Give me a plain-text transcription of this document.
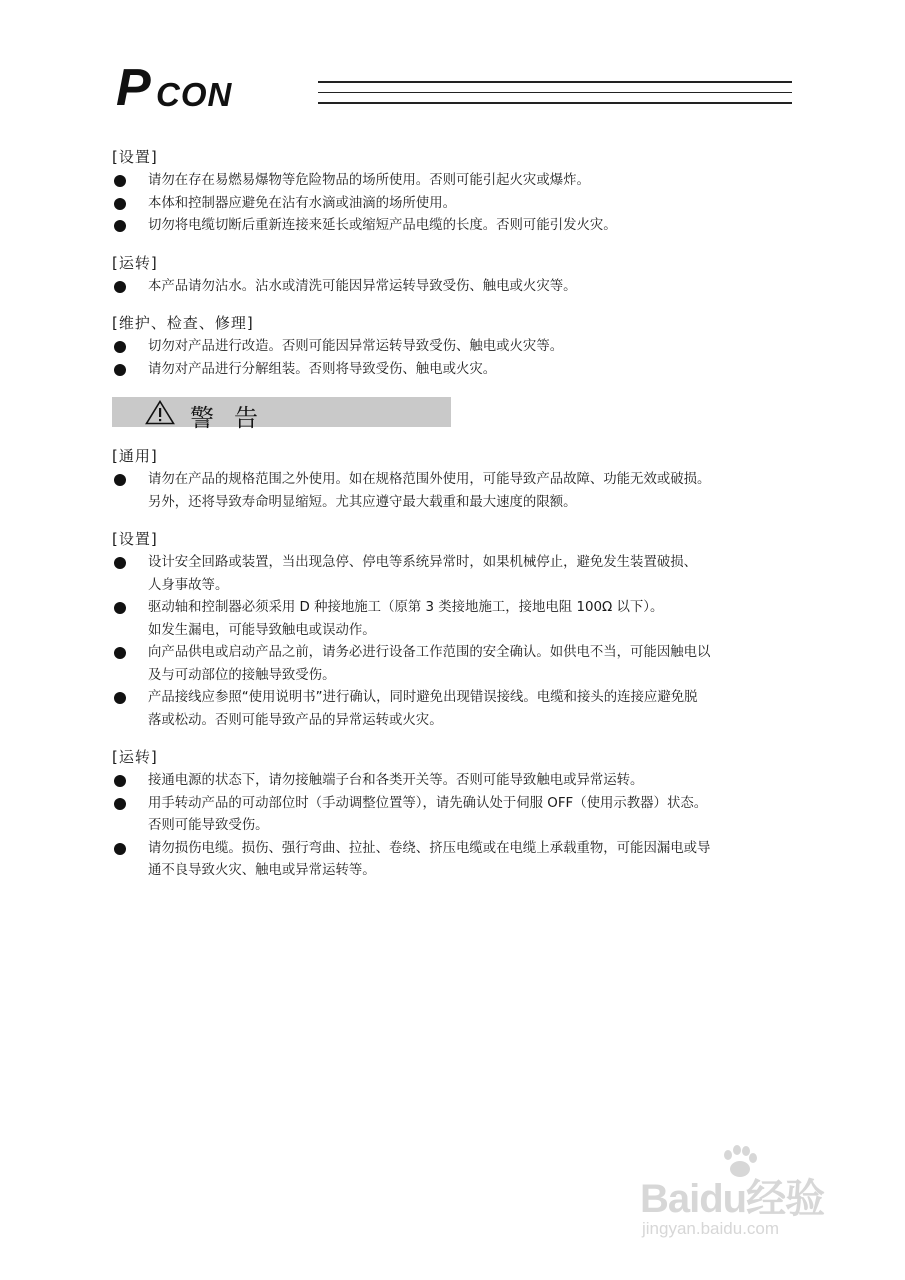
P CON
[设置]

请勿在存在易燃易爆物等危险物品的场所使用。否则可能引起火灾或爆炸。

本体和控制器应避免在沾有水滴或油滴的场所使用。

切勿将电缆切断后重新连接来延长或缩短产品电缆的长度。否则可能引发火灾。

[运转]

本产品请勿沾水。沾水或清洗可能因异常运转导致受伤、触电或火灾等。

[维护、检查、修理]

切勿对产品进行改造。否则可能因异常运转导致受伤、触电或火灾等。

请勿对产品进行分解组装。否则将导致受伤、触电或火灾。

警告
[通用]

请勿在产品的规格范围之外使用。如在规格范围外使用，可能导致产品故障、功能无效或破损。

另外，还将导致寿命明显缩短。尤其应遵守最大载重和最大速度的限额。

[设置]

设计安全回路或装置，当出现急停、停电等系统异常时，如果机械停止，避免发生装置破损、

人身事故等。

驱动轴和控制器必须采用 D 种接地施工（原第 3 类接地施工，接地电阻 100Ω 以下）。

如发生漏电，可能导致触电或误动作。

向产品供电或启动产品之前，请务必进行设备工作范围的安全确认。如供电不当，可能因触电以

及与可动部位的接触导致受伤。

产品接线应参照“使用说明书”进行确认，同时避免出现错误接线。电缆和接头的连接应避免脱

落或松动。否则可能导致产品的异常运转或火灾。

[运转]

接通电源的状态下，请勿接触端子台和各类开关等。否则可能导致触电或异常运转。

用手转动产品的可动部位时（手动调整位置等），请先确认处于伺服 OFF（使用示教器）状态。

否则可能导致受伤。

请勿损伤电缆。损伤、强行弯曲、拉扯、卷绕、挤压电缆或在电缆上承载重物，可能因漏电或导

通不良导致火灾、触电或异常运转等。

Baidu经验
jingyan.baidu.com
